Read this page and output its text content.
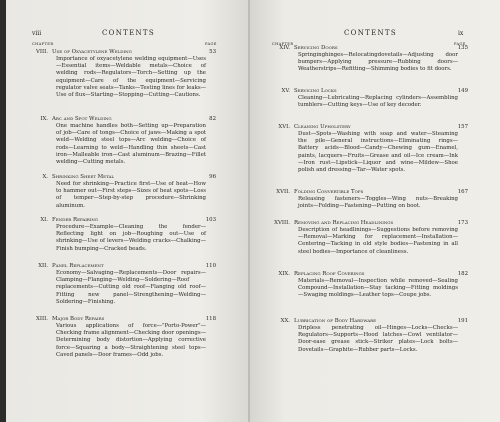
viii	CONTENTS
CHAPTER	PAGE
VIII. Use of Oxyacetylene Welding	53
Importance of oxyacetylene welding equipment—Uses—Essential items—Weldable metals—Choice of welding rods—Regulators—Torch—Setting up the equipment—Care of the equipment—Servicing regulator valve seats—Tanks—Testing lines for leaks—Use of flux—Starting—Stopping—Cutting—Cautions.
IX. Arc and Spot Welding	82
One machine handles both—Setting up—Preparation of job—Care of tongs—Choice of jaws—Making a spot weld—Welding steel tops—Arc welding—Choice of rods—Learning to weld—Handling thin sheets—Cast iron—Malleable iron—Cast aluminum—Brazing—Fillet welding—Cutting metals.
X. Shrinking Sheet Metal	96
Need for shrinking—Practice first—Use of heat—How to hammer out—First steps—Sizes of heat spots—Loss of temper—Step-by-step procedure—Shrinking aluminum.
XI. Fender Repairing	103
Procedure—Example—Cleaning the fender—Reflecting light on job—Roughing out—Use of shrinking—Use of levers—Welding cracks—Chalking—Finish bumping—Cracked beads.
XII. Panel Replacement	110
Economy—Salvaging—Replacements—Door repairs—Clamping—Flanging—Welding—Soldering—Roof replacements—Cutting old roof—Flanging old roof—Fitting new panel—Strengthening—Welding—Soldering—Finishing.
XIII. Major Body Repairs	118
Various applications of force—"Porto-Power"—Checking frame alignment—Checking door openings—Determining body distortion—Applying corrective force—Squaring a body—Straightening steel tops—Caved panels—Door frames—Odd jobs.
CONTENTS	ix
CHAPTER	PAGE
XIV. Servicing Doors	135
Springinghinges—Relocatingdovetails—Adjusting door bumpers—Applying pressure—Rubbing doors—Weatherstrips—Refitting—Shimming bodies to fit doors.
XV. Servicing Locks	149
Cleaning—Lubricating—Replacing cylinders—Assembling tumblers—Cutting keys—Use of key decoder.
XVI. Cleaning Upholstery	157
Dust—Spots—Washing with soap and water—Steaming the pile—General instructions—Eliminating rings—Battery acids—Blood—Candy—Chewing gum—Enamel, paints, lacquers—Fruits—Grease and oil—Ice cream—Ink—Iron rust—Lipstick—Liquor and wine—Mildew—Shoe polish and dressing—Tar—Water spots.
XVII. Folding Convertible Tops	167
Releasing fasteners—Toggles—Wing nuts—Breaking joints—Folding—Fastening—Putting on boot.
XVIII. Removing and Replacing Headlinings	173
Description of headlinings—Suggestions before removing—Removal—Marking for replacement—Installation—Centering—Tacking in old style bodies—Fastening in all steel bodies—Importance of cleanliness.
XIX. Replacing Roof Coverings	182
Materials—Removal—Inspection while removed—Sealing Compound—Installation—Stay tacking—Fitting moldings—Swaging moldings—Leather tops—Coupe jobs.
XX. Lubrication of Body Hardware	191
Dripless penetrating oil—Hinges—Locks—Checks—Regulators—Supports—Hood latches—Cowl ventilator—Door-ease grease stick—Striker plates—Lock bolts—Dovetails—Graphite—Rubber parts—Locks.
